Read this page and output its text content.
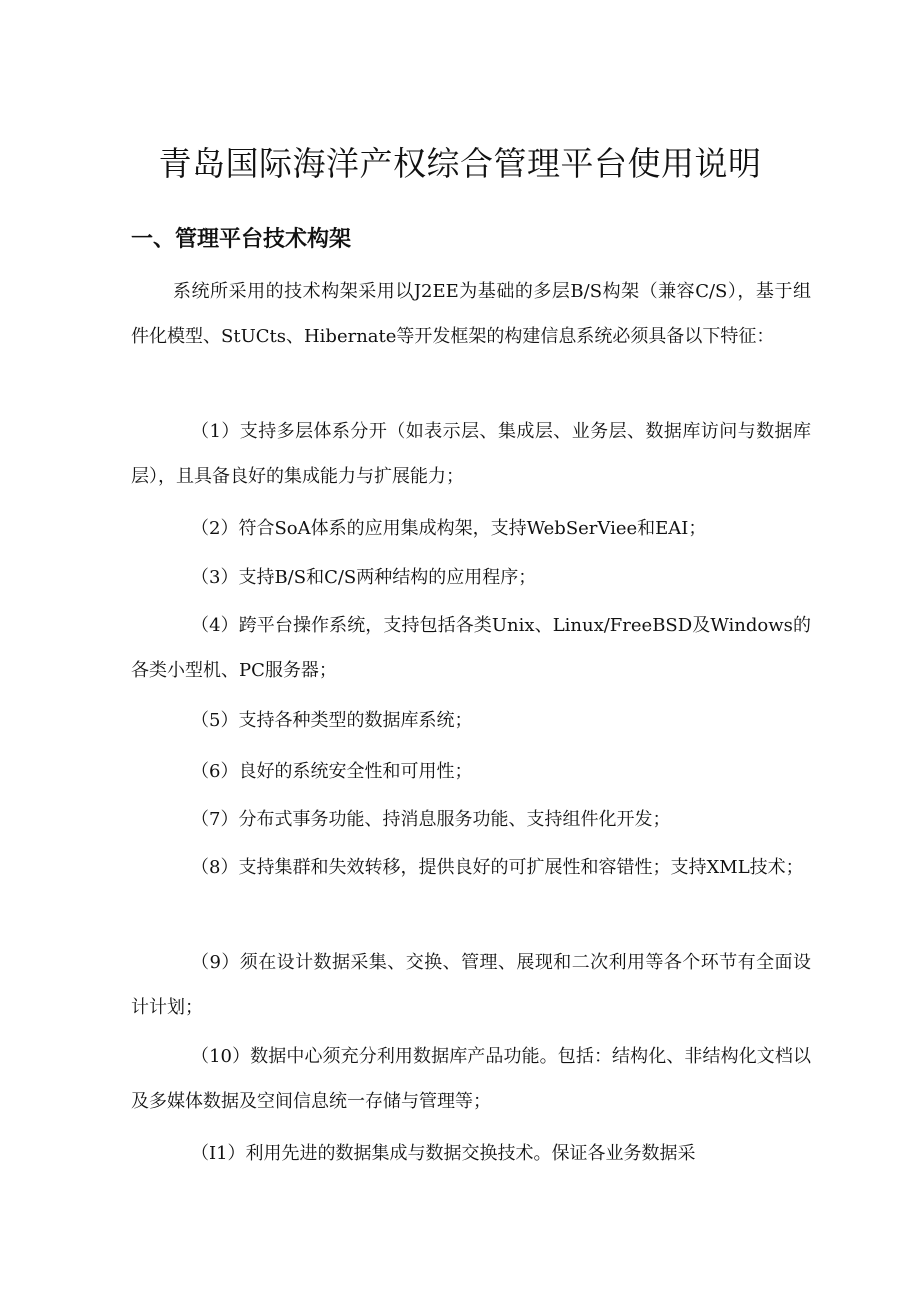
青岛国际海洋产权综合管理平台使用说明
一、管理平台技术构架

系统所采用的技术构架采用以J2EE为基础的多层B/S构架（兼容C/S），基于组件化模型、StUCts、Hibernate等开发框架的构建信息系统必须具备以下特征：

（1）支持多层体系分开（如表示层、集成层、业务层、数据库访问与数据库层），且具备良好的集成能力与扩展能力；

（2）符合SoA体系的应用集成构架，支持WebSerViee和EAI；

（3）支持B/S和C/S两种结构的应用程序；

（4）跨平台操作系统，支持包括各类Unix、Linux/FreeBSD及Windows的各类小型机、PC服务器；

（5）支持各种类型的数据库系统；

（6）良好的系统安全性和可用性；

（7）分布式事务功能、持消息服务功能、支持组件化开发；

（8）支持集群和失效转移，提供良好的可扩展性和容错性；支持XML技术；

（9）须在设计数据采集、交换、管理、展现和二次利用等各个环节有全面设计计划；

（10）数据中心须充分利用数据库产品功能。包括：结构化、非结构化文档以及多媒体数据及空间信息统一存储与管理等；

（I1）利用先进的数据集成与数据交换技术。保证各业务数据采
